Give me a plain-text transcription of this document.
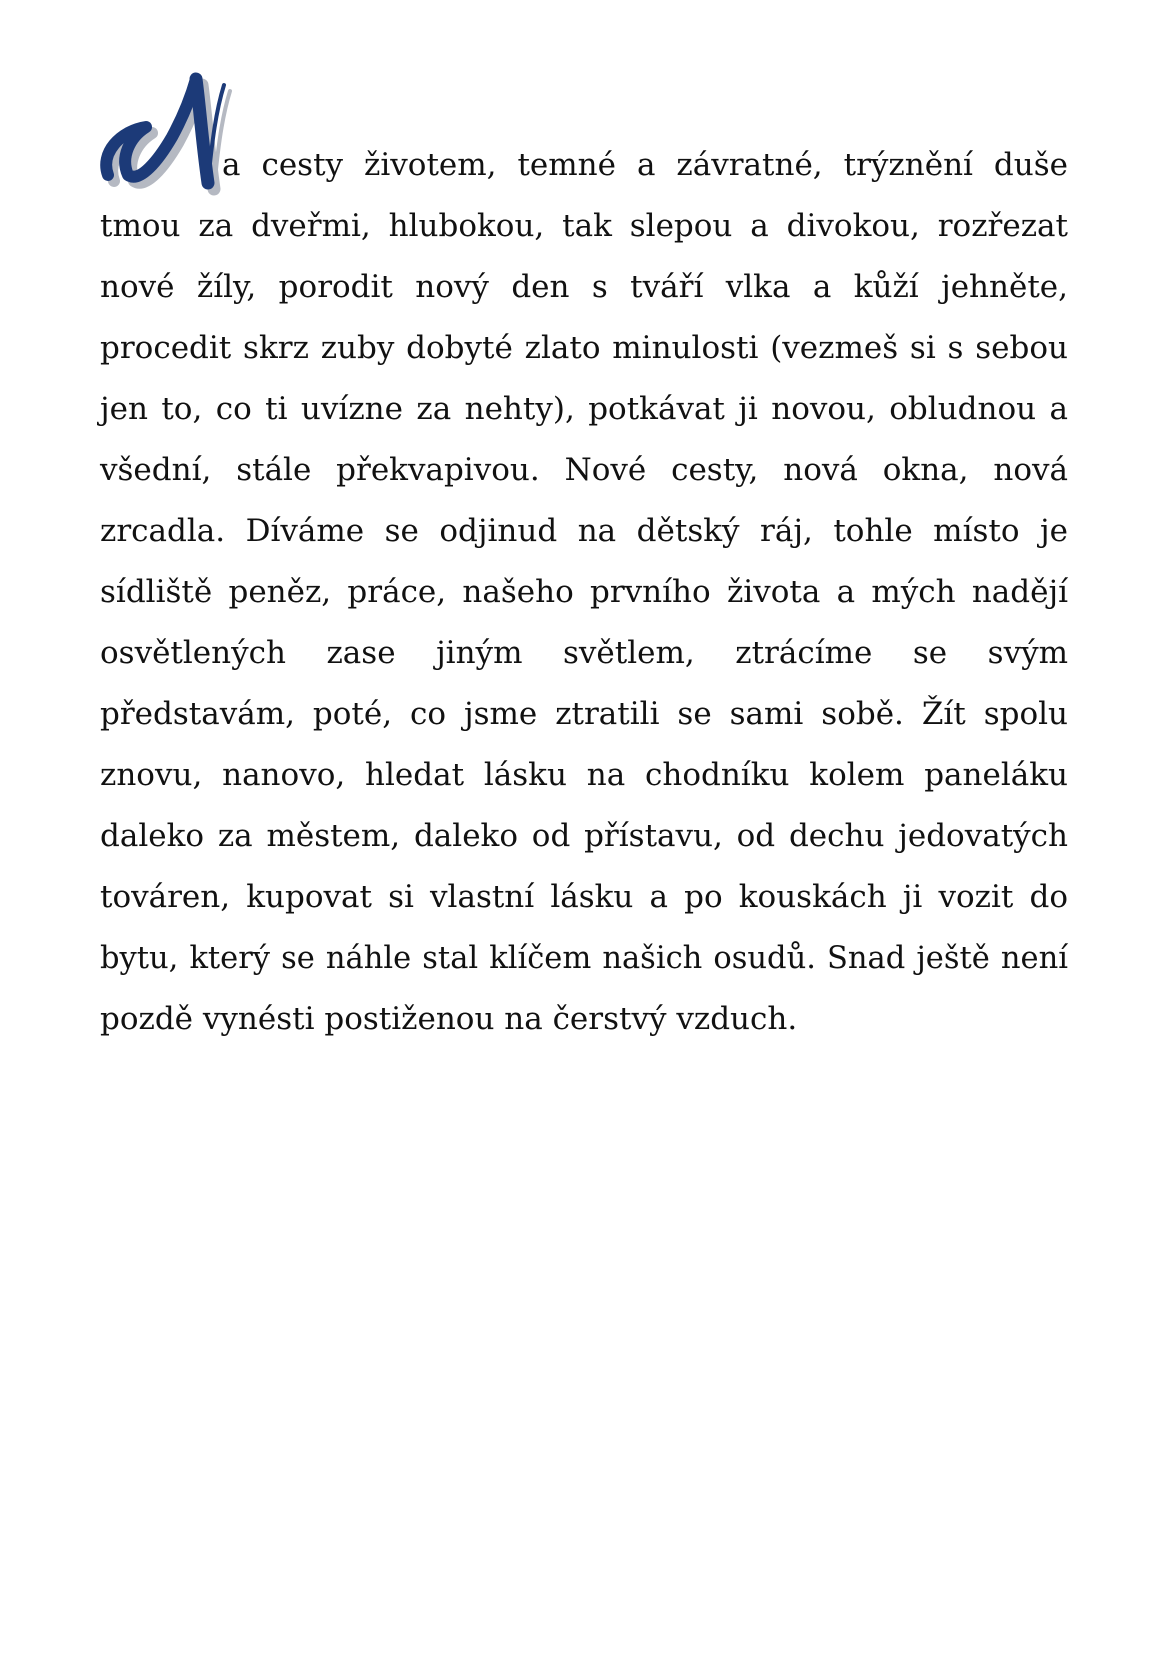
a cesty životem, temné a závratné, trýznění duše
tmou za dveřmi, hlubokou, tak slepou a divokou, rozřezat
nové žíly, porodit nový den s tváří vlka a kůží jehněte,
procedit skrz zuby dobyté zlato minulosti (vezmeš si s sebou
jen to, co ti uvízne za nehty), potkávat ji novou, obludnou a
všední, stále překvapivou. Nové cesty, nová okna, nová
zrcadla. Díváme se odjinud na dětský ráj, tohle místo je
sídliště peněz, práce, našeho prvního života a mých nadějí
osvětlených zase jiným světlem, ztrácíme se svým
představám, poté, co jsme ztratili se sami sobě. Žít spolu
znovu, nanovo, hledat lásku na chodníku kolem paneláku
daleko za městem, daleko od přístavu, od dechu jedovatých
továren, kupovat si vlastní lásku a po kouskách ji vozit do
bytu, který se náhle stal klíčem našich osudů. Snad ještě není
pozdě vynésti postiženou na čerstvý vzduch.
